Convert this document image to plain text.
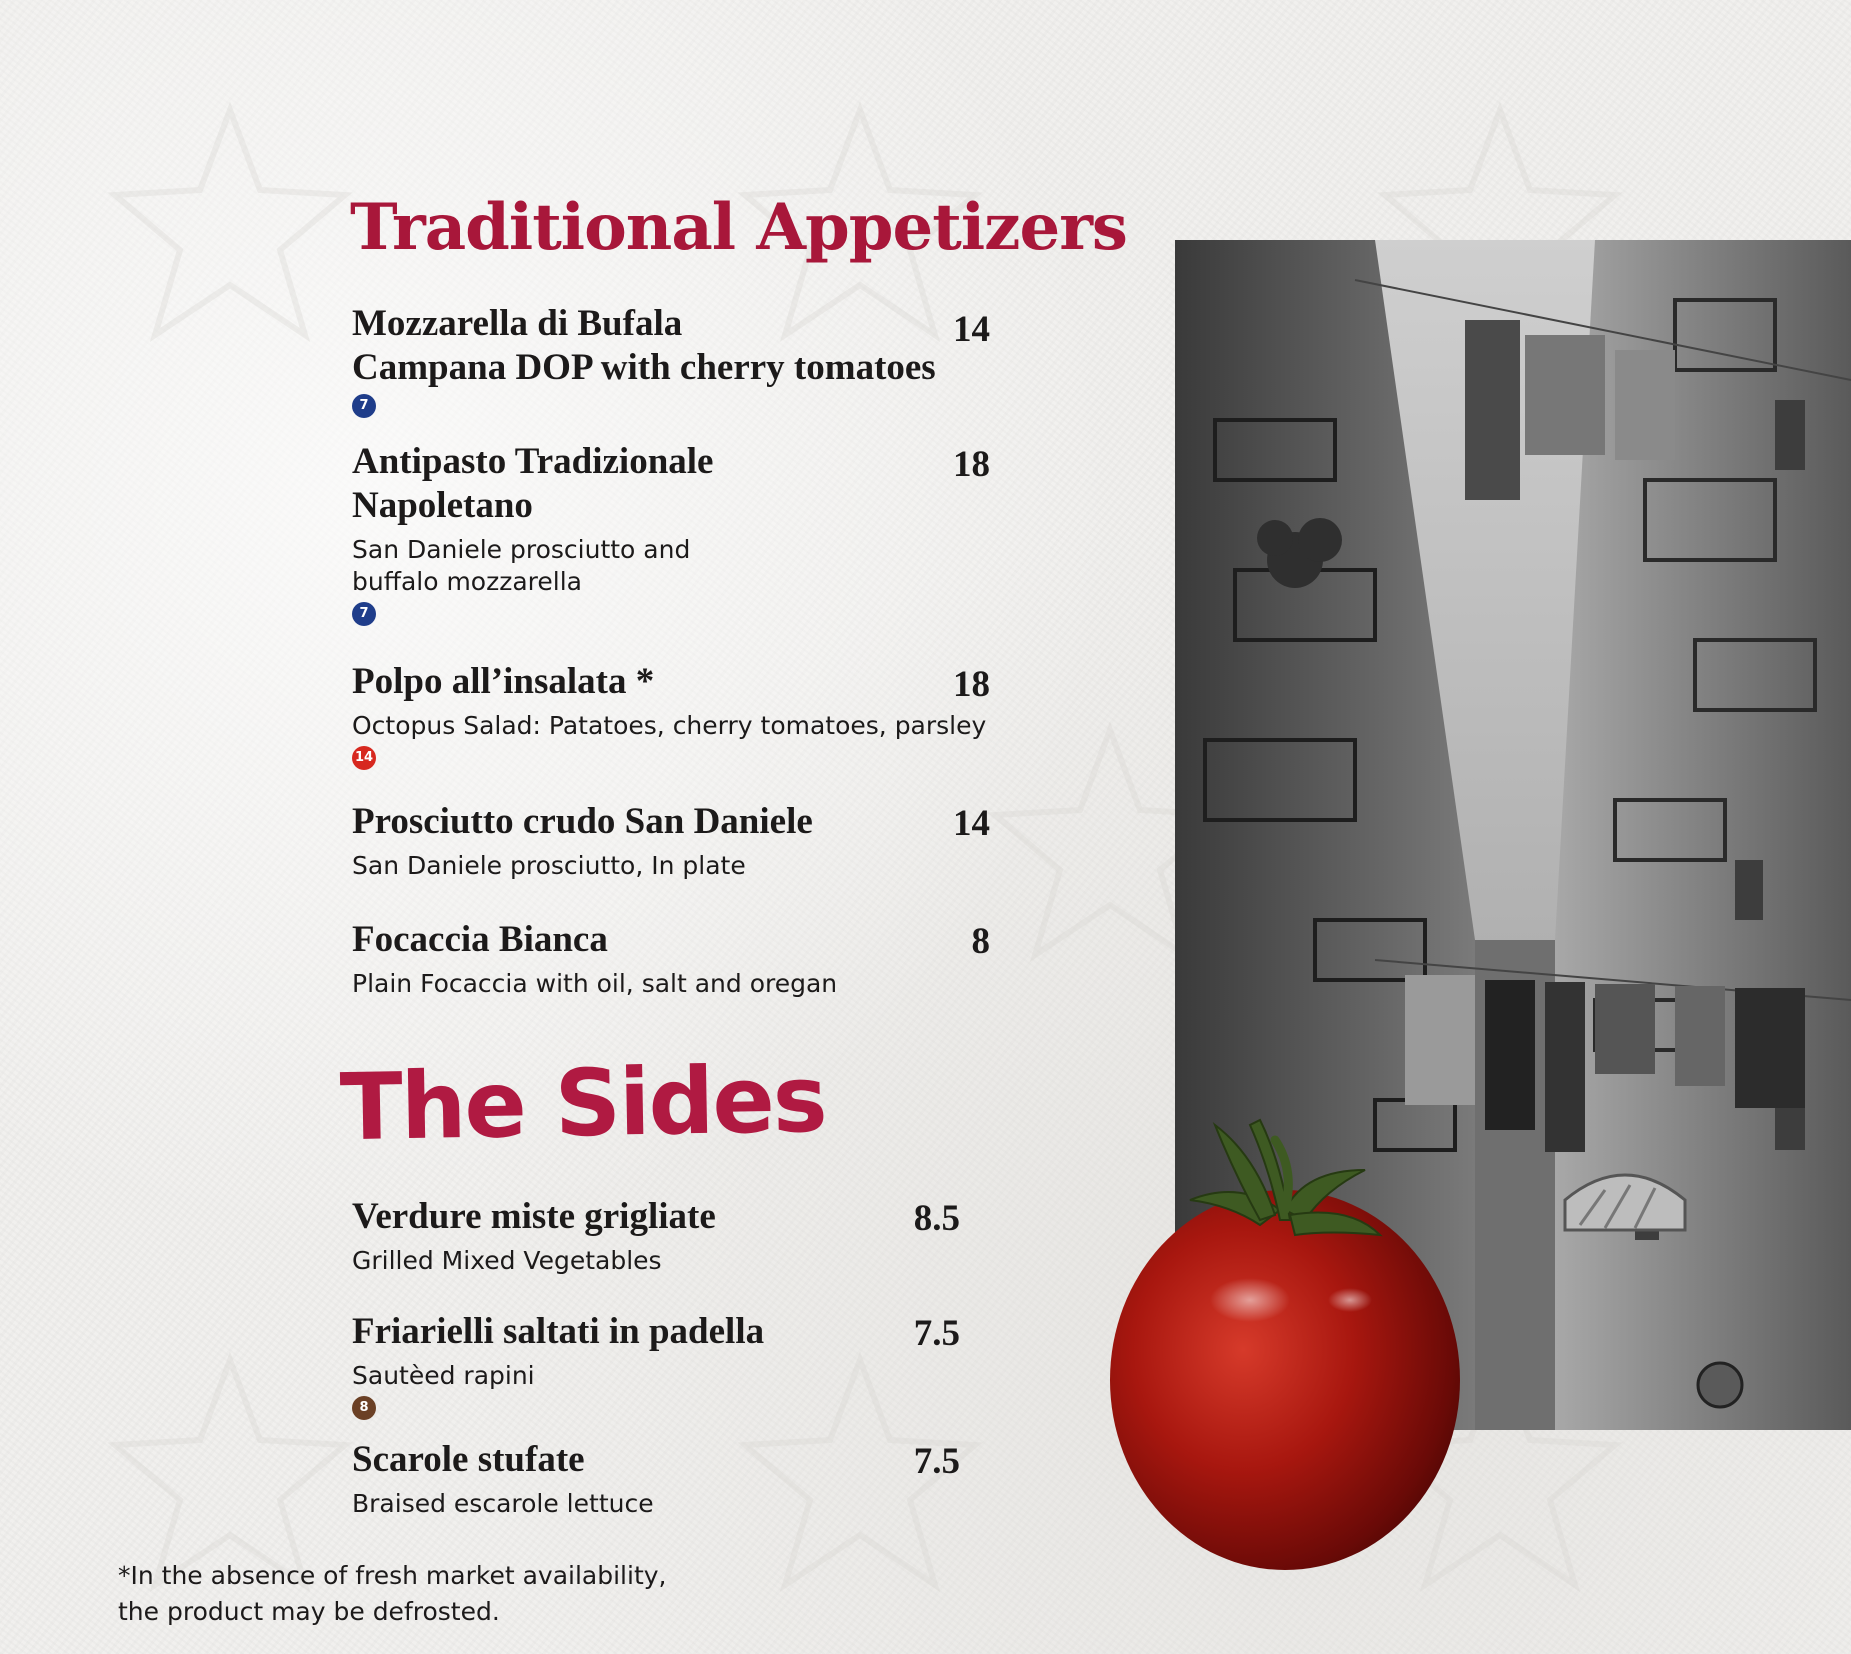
Traditional Appetizers
Mozzarella di Bufala
Campana DOP with cherry tomatoes
7
14
Antipasto Tradizionale
Napoletano
San Daniele prosciutto and
buffalo mozzarella
7
18
Polpo all’insalata *
Octopus Salad: Patatoes, cherry tomatoes, parsley
14
18
Prosciutto crudo San Daniele
San Daniele prosciutto, In plate
14
Focaccia Bianca
Plain Focaccia with oil, salt and oregan
8
The Sides
Verdure miste grigliate
Grilled Mixed Vegetables
8.5
Friarielli saltati in padella
Sautèed rapini
8
7.5
Scarole stufate
Braised escarole lettuce
7.5
*In the absence of fresh market availability,
the product may be defrosted.
